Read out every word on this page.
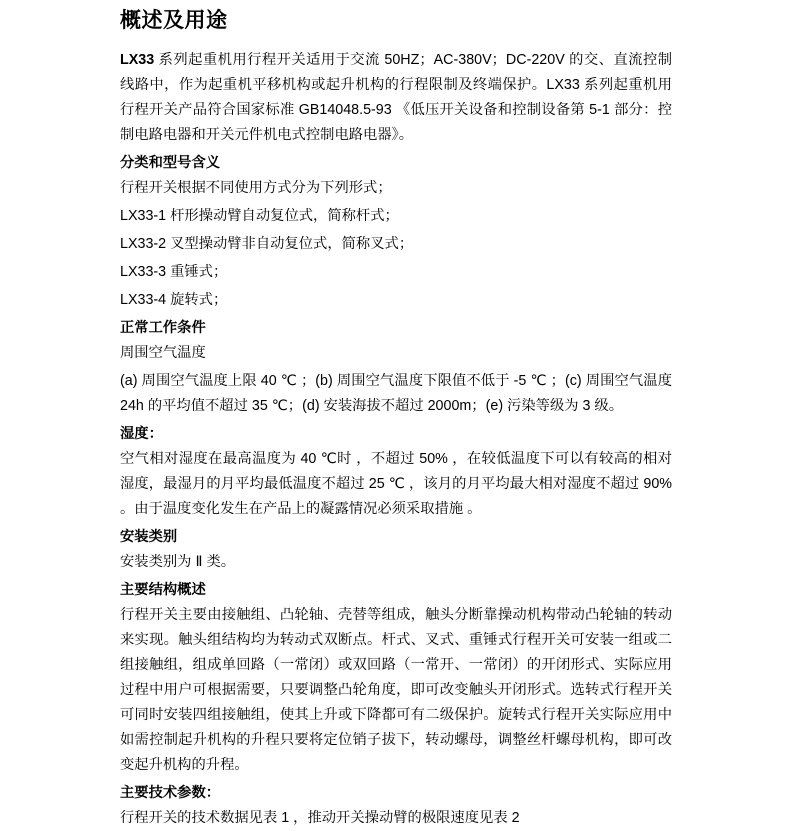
概述及用途

LX33 系列起重机用行程开关适用于交流 50HZ；AC-380V；DC-220V 的交、直流控制线路中，作为起重机平移机构或起升机构的行程限制及终端保护。LX33 系列起重机用行程开关产品符合国家标准 GB14048.5-93 《低压开关设备和控制设备第 5-1 部分：控制电路电器和开关元件机电式控制电路电器》。

分类和型号含义

行程开关根据不同使用方式分为下列形式；

LX33-1 杆形操动臂自动复位式，简称杆式；

LX33-2 叉型操动臂非自动复位式，简称叉式；

LX33-3 重锤式；

LX33-4 旋转式；

正常工作条件

周围空气温度

(a) 周围空气温度上限 40 ℃ ；(b) 周围空气温度下限值不低于 -5 ℃ ；(c) 周围空气温度 24h 的平均值不超过 35 ℃；(d) 安装海拔不超过 2000m；(e) 污染等级为 3 级。

湿度：

空气相对湿度在最高温度为 40 ℃时 ，不超过 50% ，在较低温度下可以有较高的相对湿度，最湿月的月平均最低温度不超过 25 ℃ ，该月的月平均最大相对湿度不超过 90% 。由于温度变化发生在产品上的凝露情况必须采取措施 。

安装类别

安装类别为 Ⅱ 类。

主要结构概述

行程开关主要由接触组、凸轮轴、壳替等组成，触头分断靠操动机构带动凸轮轴的转动来实现。触头组结构均为转动式双断点。杆式、叉式、重锤式行程开关可安装一组或二组接触组，组成单回路（一常闭）或双回路（一常开、一常闭）的开闭形式、实际应用过程中用户可根据需要，只要调整凸轮角度，即可改变触头开闭形式。选转式行程开关可同时安装四组接触组，使其上升或下降都可有二级保护。旋转式行程开关实际应用中如需控制起升机构的升程只要将定位销子拔下，转动螺母，调整丝杆螺母机构，即可改变起升机构的升程。

主要技术参数：

行程开关的技术数据见表 1 ，推动开关操动臂的极限速度见表 2
